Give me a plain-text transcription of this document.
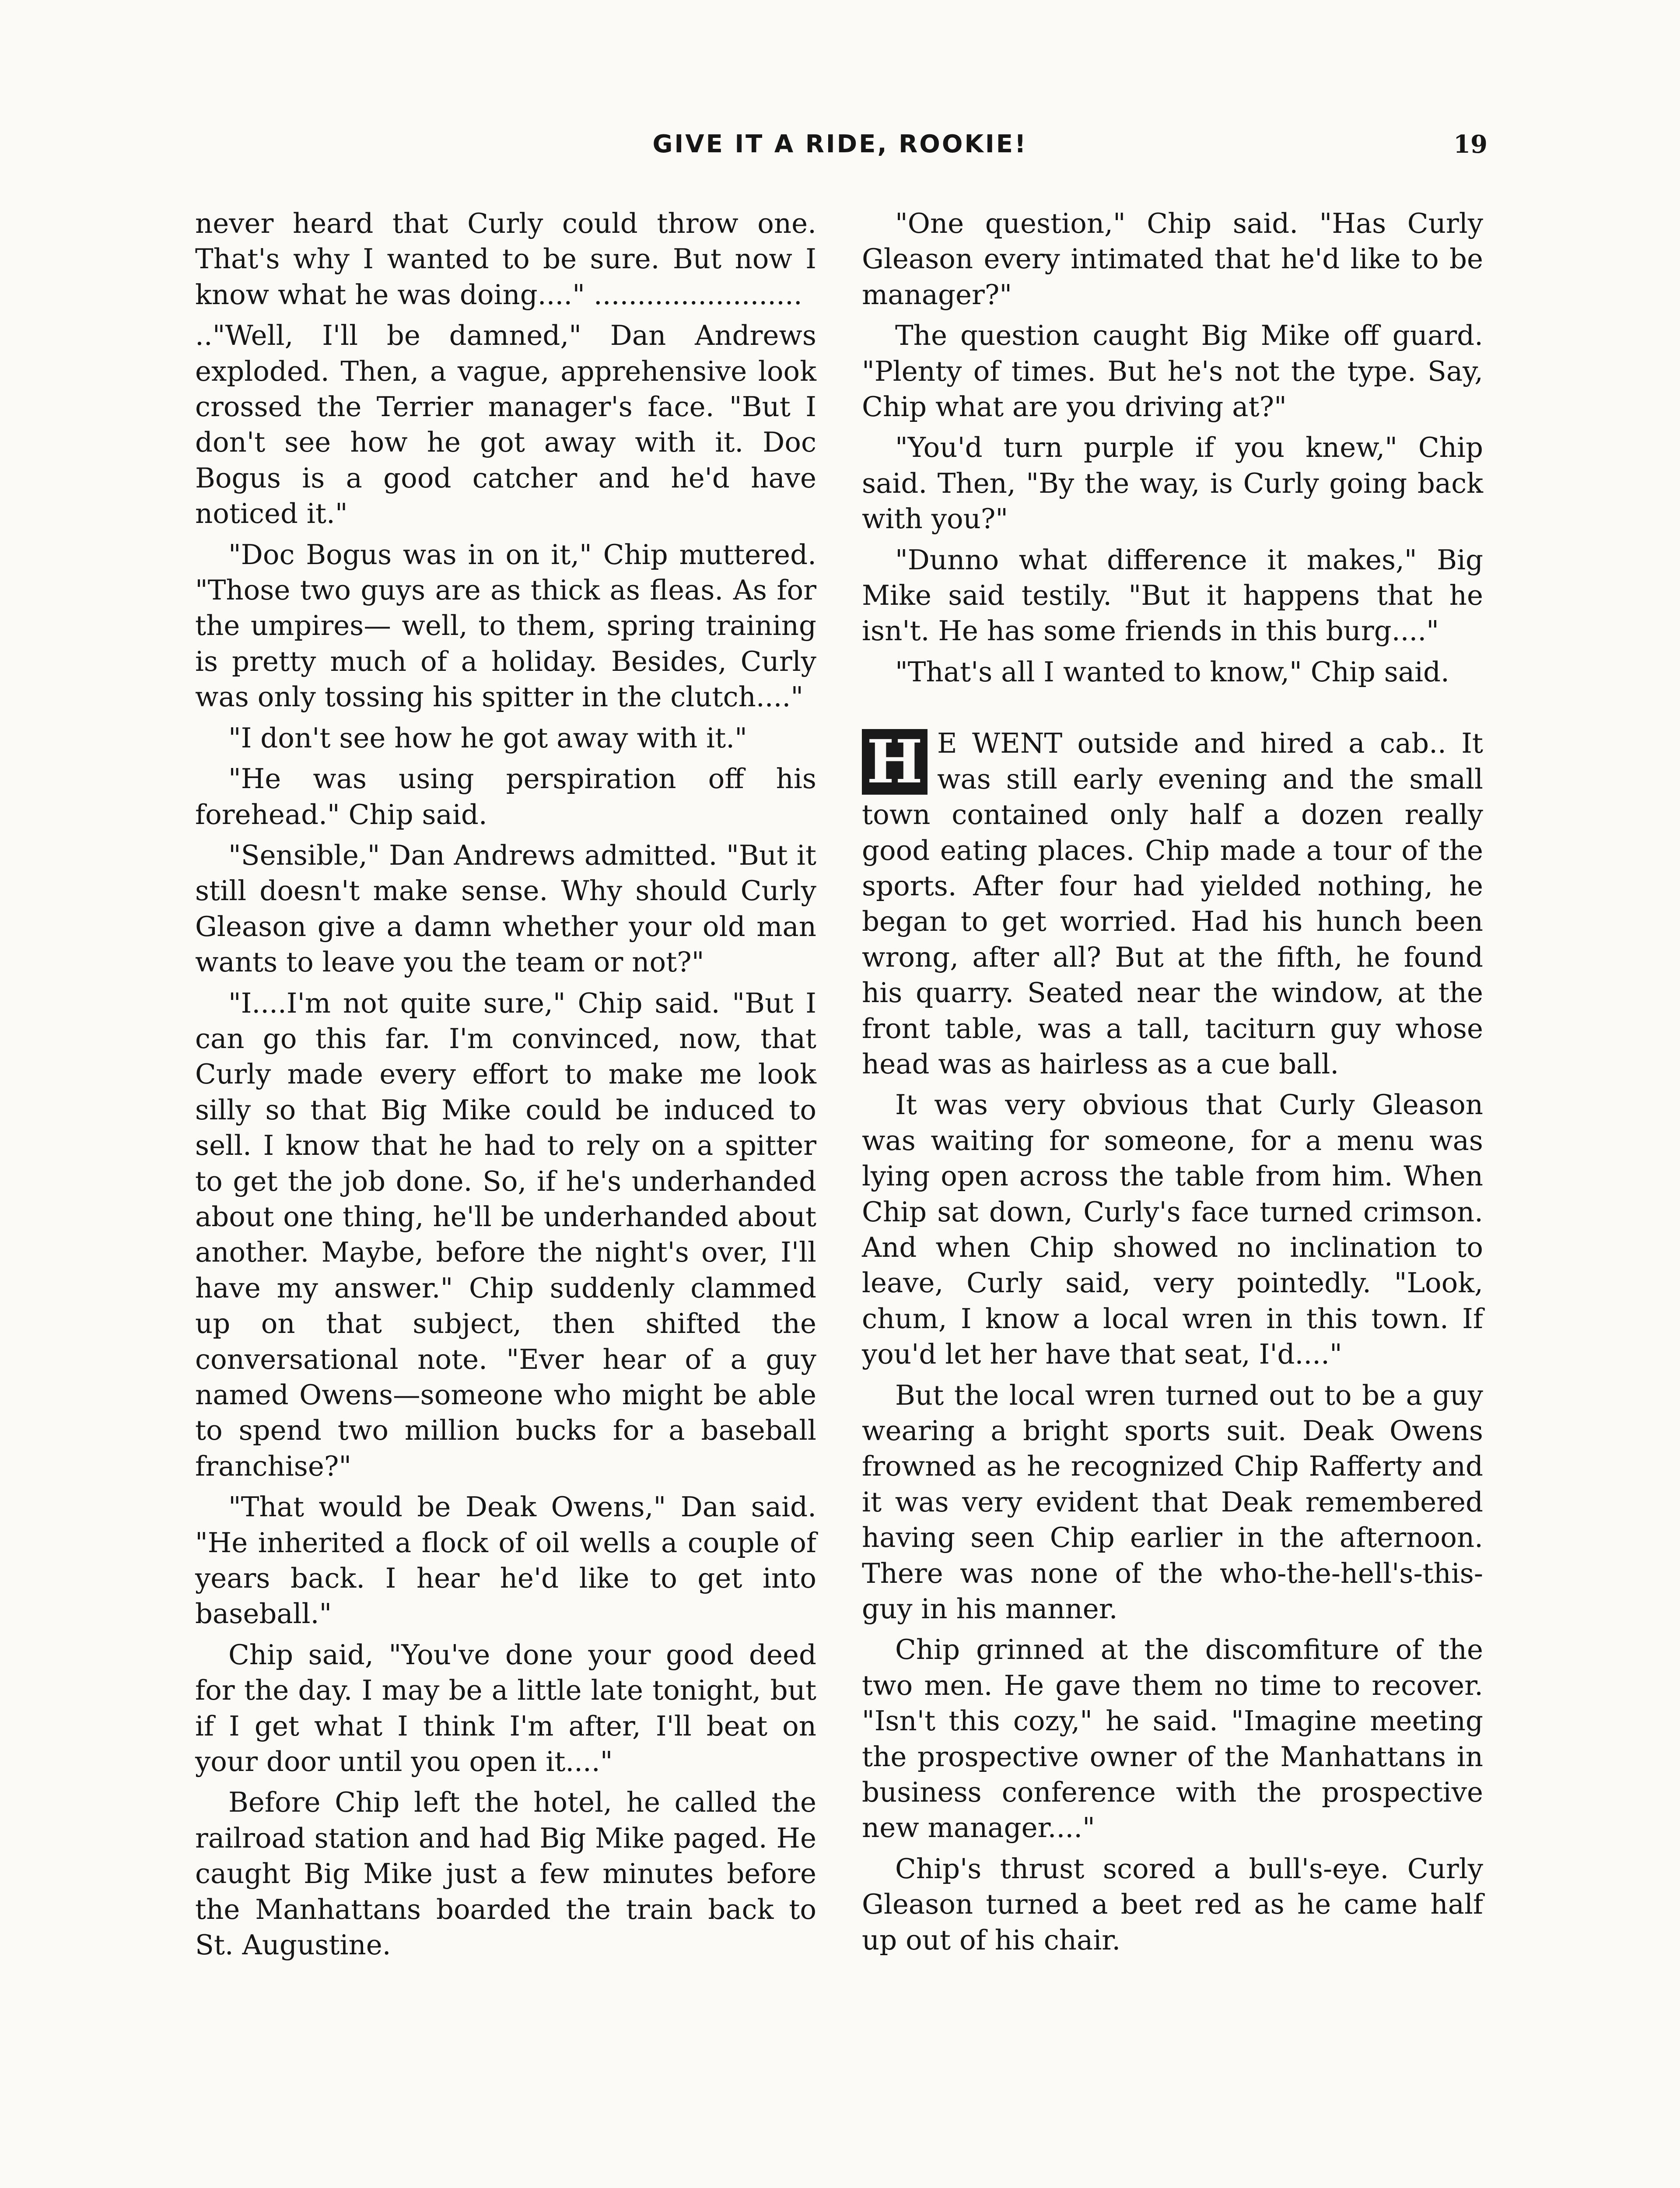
GIVE IT A RIDE, ROOKIE!	19

never heard that Curly could throw one. That's why I wanted to be sure. But now I know what he was doing...." ........................

.."Well, I'll be damned," Dan Andrews exploded. Then, a vague, apprehensive look crossed the Terrier manager's face. "But I don't see how he got away with it. Doc Bogus is a good catcher and he'd have noticed it."

"Doc Bogus was in on it," Chip muttered. "Those two guys are as thick as fleas. As for the umpires— well, to them, spring training is pretty much of a holiday. Besides, Curly was only tossing his spitter in the clutch...."

"I don't see how he got away with it."

"He was using perspiration off his forehead." Chip said.

"Sensible," Dan Andrews admitted. "But it still doesn't make sense. Why should Curly Gleason give a damn whether your old man wants to leave you the team or not?"

"I....I'm not quite sure," Chip said. "But I can go this far. I'm convinced, now, that Curly made every effort to make me look silly so that Big Mike could be induced to sell. I know that he had to rely on a spitter to get the job done. So, if he's underhanded about one thing, he'll be underhanded about another. Maybe, before the night's over, I'll have my answer." Chip suddenly clammed up on that subject, then shifted the conversational note. "Ever hear of a guy named Owens—someone who might be able to spend two million bucks for a baseball franchise?"

"That would be Deak Owens," Dan said. "He inherited a flock of oil wells a couple of years back. I hear he'd like to get into baseball."

Chip said, "You've done your good deed for the day. I may be a little late tonight, but if I get what I think I'm after, I'll beat on your door until you open it...."

Before Chip left the hotel, he called the railroad station and had Big Mike paged. He caught Big Mike just a few minutes before the Manhattans boarded the train back to St. Augustine.

"One question," Chip said. "Has Curly Gleason every intimated that he'd like to be manager?"

The question caught Big Mike off guard. "Plenty of times. But he's not the type. Say, Chip what are you driving at?"

"You'd turn purple if you knew," Chip said. Then, "By the way, is Curly going back with you?"

"Dunno what difference it makes," Big Mike said testily. "But it happens that he isn't. He has some friends in this burg...."

"That's all I wanted to know," Chip said.

H E WENT outside and hired a cab.. It was still early evening and the small town contained only half a dozen really good eating places. Chip made a tour of the sports. After four had yielded nothing, he began to get worried. Had his hunch been wrong, after all? But at the fifth, he found his quarry. Seated near the window, at the front table, was a tall, taciturn guy whose head was as hairless as a cue ball.

It was very obvious that Curly Gleason was waiting for someone, for a menu was lying open across the table from him. When Chip sat down, Curly's face turned crimson. And when Chip showed no inclination to leave, Curly said, very pointedly. "Look, chum, I know a local wren in this town. If you'd let her have that seat, I'd...."

But the local wren turned out to be a guy wearing a bright sports suit. Deak Owens frowned as he recognized Chip Rafferty and it was very evident that Deak remembered having seen Chip earlier in the afternoon. There was none of the who-the-hell's-this-guy in his manner.

Chip grinned at the discomfiture of the two men. He gave them no time to recover. "Isn't this cozy," he said. "Imagine meeting the prospective owner of the Manhattans in business conference with the prospective new manager...."

Chip's thrust scored a bull's-eye. Curly Gleason turned a beet red as he came half up out of his chair.
